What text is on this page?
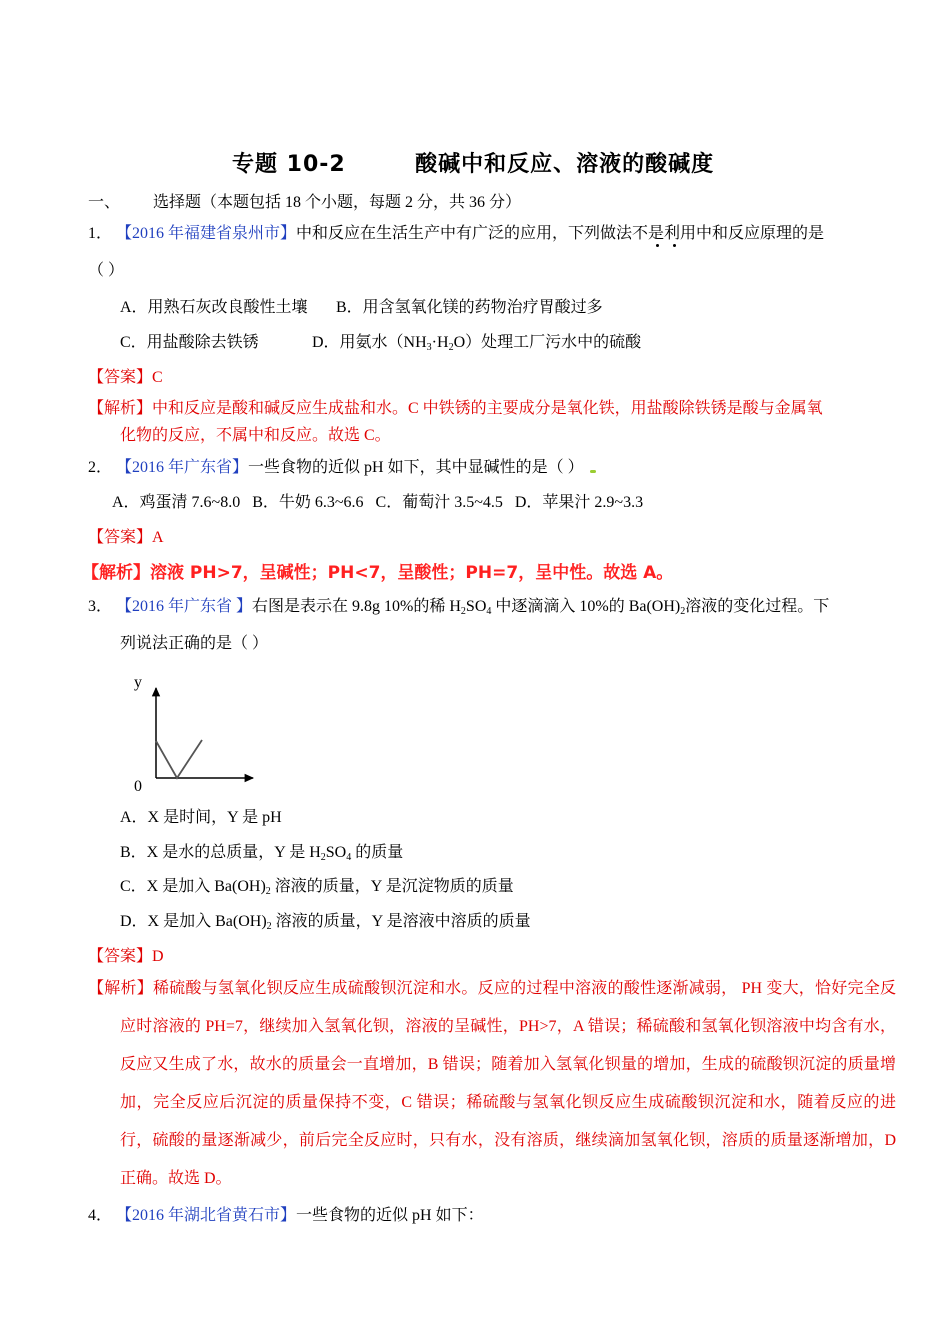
专题 10-2	酸碱中和反应、溶液的酸碱度
一、 选择题（本题包括 18 个小题，每题 2 分，共 36 分）
1． 【2016 年福建省泉州市】中和反应在生活生产中有广泛的应用，下列做法不是利用中和反应原理的是
（ ）
A．用熟石灰改良酸性土壤 B．用含氢氧化镁的药物治疗胃酸过多
C．用盐酸除去铁锈	D．用氨水$(NH_3\cdot H_2O)$处理工厂污水中的硫酸
【答案】C
【解析】中和反应是酸和碱反应生成盐和水。C 中铁锈的主要成分是氧化铁，用盐酸除铁锈是酸与金属氧
化物的反应，不属中和反应。故选 C。
2． 【2016 年广东省】一些食物的近似 pH 如下，其中显碱性的是（ ）
A．鸡蛋清 7.6~8.0   B．牛奶 6.3~6.6   C．葡萄汁 3.5~4.5   D．苹果汁 2.9~3.3
【答案】A
【解析】溶液 PH>7，呈碱性；PH<7，呈酸性；PH=7，呈中性。故选 A。
3． 【2016 年广东省 】右图是表示在 9.8g 10%的稀 $H_2SO_4$ 中逐滴滴入 10%的 $Ba(OH)_2$溶液的变化过程。下
列说法正确的是（ ）
y
0
A．X 是时间，Y 是 pH
B．X 是水的总质量，Y 是 $H_2SO_4$ 的质量
C．X 是加入 $Ba(OH)_2$ 溶液的质量，Y 是沉淀物质的质量
D．X 是加入 $Ba(OH)_2$ 溶液的质量，Y 是溶液中溶质的质量
【答案】D
【解析】稀硫酸与氢氧化钡反应生成硫酸钡沉淀和水。反应的过程中溶液的酸性逐渐减弱， PH 变大，恰好完全反应时溶液的 PH=7，继续加入氢氧化钡，溶液的呈碱性，PH>7，A 错误；稀硫酸和氢氧化钡溶液中均含有水，反应又生成了水，故水的质量会一直增加，B 错误；随着加入氢氧化钡量的增加，生成的硫酸钡沉淀的质量增加，完全反应后沉淀的质量保持不变，C 错误；稀硫酸与氢氧化钡反应生成硫酸钡沉淀和水，随着反应的进行，硫酸的量逐渐减少，前后完全反应时，只有水，没有溶质，继续滴加氢氧化钡，溶质的质量逐渐增加，D 正确。故选 D。
4． 【2016 年湖北省黄石市】一些食物的近似 pH 如下：
